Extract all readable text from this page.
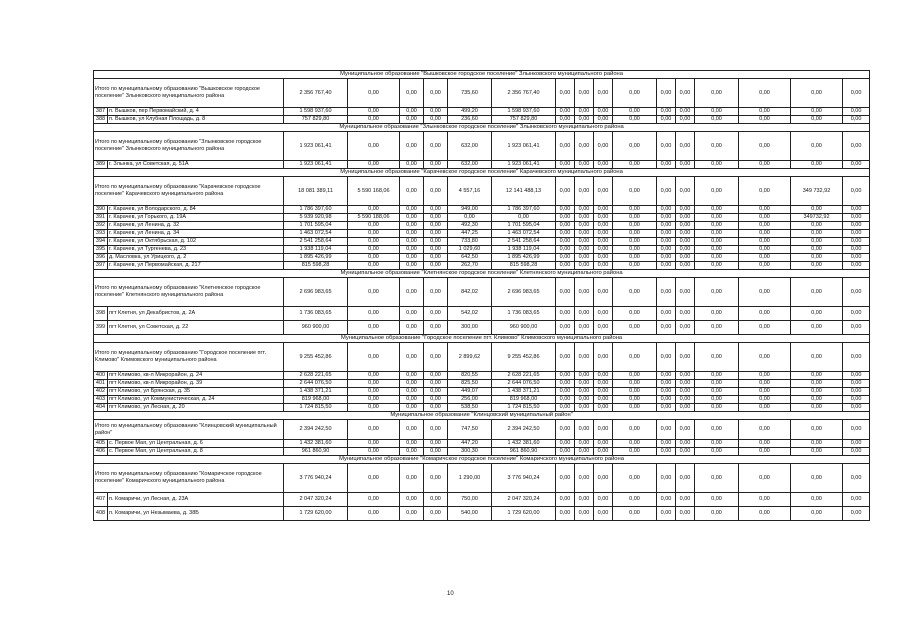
Муниципальное образование "Вышковское городское поселение" Злынковского муниципального района																	
Итого по муниципальному образованию "Вышковское городское поселение" Злынковского муниципального района		2 356 767,40	0,00	0,00	0,00	735,60	2 356 767,40	0,00	0,00	0,00	0,00	0,00	0,00	0,00	0,00	0,00	0,00
387	п. Вышков, пер Первомайский, д. 4	1 598 937,60	0,00	0,00	0,00	499,20	1 598 937,60	0,00	0,00	0,00	0,00	0,00	0,00	0,00	0,00	0,00	0,00
388	п. Вышков, ул Клубная Площадь, д. 8	757 829,80	0,00	0,00	0,00	236,60	757 829,80	0,00	0,00	0,00	0,00	0,00	0,00	0,00	0,00	0,00	0,00
Муниципальное образование "Злынковское городское поселение" Злынковского муниципального района																	
Итого по муниципальному образованию "Злынковское городское поселение" Злынковского муниципального района		1 923 061,41	0,00	0,00	0,00	632,00	1 923 061,41	0,00	0,00	0,00	0,00	0,00	0,00	0,00	0,00	0,00	0,00
389	г. Злынка, ул Советская, д. 51А	1 923 061,41	0,00	0,00	0,00	632,00	1 923 061,41	0,00	0,00	0,00	0,00	0,00	0,00	0,00	0,00	0,00	0,00
Муниципальное образование "Карачевское городское поселение" Карачевского муниципального района																	
Итого по муниципальному образованию "Карачевское городское поселение" Карачевского муниципального района		18 081 389,11	5 590 168,06	0,00	0,00	4 557,16	12 141 488,13	0,00	0,00	0,00	0,00	0,00	0,00	0,00	0,00	349 732,92	0,00
390	г. Карачев, ул Володарского, д. 84	1 786 397,60	0,00	0,00	0,00	949,00	1 786 397,60	0,00	0,00	0,00	0,00	0,00	0,00	0,00	0,00	0,00	0,00
391	г. Карачев, ул Горького, д. 19А	5 939 920,98	5 590 188,06	0,00	0,00	0,00	0,00	0,00	0,00	0,00	0,00	0,00	0,00	0,00	0,00	349732,92	0,00
392	г. Карачев, ул Ленина, д. 32	1 701 595,04	0,00	0,00	0,00	492,30	1 701 595,04	0,00	0,00	0,00	0,00	0,00	0,00	0,00	0,00	0,00	0,00
393	г. Карачев, ул Ленина, д. 34	1 463 072,54	0,00	0,00	0,00	447,25	1 463 072,54	0,00	0,00	0,00	0,00	0,00	0,00	0,00	0,00	0,00	0,00
394	г. Карачев, ул Октябрьская, д. 102	2 541 258,64	0,00	0,00	0,00	733,80	2 541 258,64	0,00	0,00	0,00	0,00	0,00	0,00	0,00	0,00	0,00	0,00
395	г. Карачев, ул Тургенева, д. 23	1 938 119,04	0,00	0,00	0,00	1 029,60	1 938 119,04	0,00	0,00	0,00	0,00	0,00	0,00	0,00	0,00	0,00	0,00
396	д. Масловка, ул Урицкого, д. 2	1 895 426,99	0,00	0,00	0,00	642,50	1 895 426,99	0,00	0,00	0,00	0,00	0,00	0,00	0,00	0,00	0,00	0,00
397	г. Карачев, ул Первомайская, д. 217	815 598,28	0,00	0,00	0,00	262,70	815 598,28	0,00	0,00	0,00	0,00	0,00	0,00	0,00	0,00	0,00	0,00
Муниципальное образование "Клетнянское городское поселение" Клетнянского муниципального района																	
Итого по муниципальному образованию "Клетнянское городское поселение" Клетнянского муниципального района		2 696 983,65	0,00	0,00	0,00	842,02	2 696 983,65	0,00	0,00	0,00	0,00	0,00	0,00	0,00	0,00	0,00	0,00
398	пгт Клетня, ул Декабристов, д. 2А	1 736 083,65	0,00	0,00	0,00	542,02	1 736 083,65	0,00	0,00	0,00	0,00	0,00	0,00	0,00	0,00	0,00	0,00
399	пгт Клетня, ул Советская, д. 22	960 900,00	0,00	0,00	0,00	300,00	960 900,00	0,00	0,00	0,00	0,00	0,00	0,00	0,00	0,00	0,00	0,00
Муниципальное образование "Городское поселение пгт. Климово" Климовского муниципального района																	
Итого по муниципальному образованию "Городское поселение пгт. Климово" Климовского муниципального района		9 255 452,86	0,00	0,00	0,00	2 899,62	9 255 452,86	0,00	0,00	0,00	0,00	0,00	0,00	0,00	0,00	0,00	0,00
400	пгт Климово, кв-л Микрорайон, д. 24	2 628 221,65	0,00	0,00	0,00	820,55	2 628 221,65	0,00	0,00	0,00	0,00	0,00	0,00	0,00	0,00	0,00	0,00
401	пгт Климово, кв-л Микрорайон, д. 39	2 644 076,50	0,00	0,00	0,00	825,50	2 644 076,50	0,00	0,00	0,00	0,00	0,00	0,00	0,00	0,00	0,00	0,00
402	пгт Климово, ул Брянская, д. 35	1 438 371,21	0,00	0,00	0,00	449,07	1 438 371,21	0,00	0,00	0,00	0,00	0,00	0,00	0,00	0,00	0,00	0,00
403	пгт Климово, ул Коммунистическая, д. 24	819 968,00	0,00	0,00	0,00	256,00	819 968,00	0,00	0,00	0,00	0,00	0,00	0,00	0,00	0,00	0,00	0,00
404	пгт Климово, ул Лесная, д. 20	1 724 815,50	0,00	0,00	0,00	538,50	1 724 815,50	0,00	0,00	0,00	0,00	0,00	0,00	0,00	0,00	0,00	0,00
Муниципальное образование "Клинцовский муниципальный район"																	
Итого по муниципальному образованию "Клинцовский муниципальный район"		2 394 242,50	0,00	0,00	0,00	747,50	2 394 242,50	0,00	0,00	0,00	0,00	0,00	0,00	0,00	0,00	0,00	0,00
405	с. Первое Мая, ул Центральная, д. 6	1 432 381,60	0,00	0,00	0,00	447,20	1 432 381,60	0,00	0,00	0,00	0,00	0,00	0,00	0,00	0,00	0,00	0,00
406	с. Первое Мая, ул Центральная, д. 8	961 860,90	0,00	0,00	0,00	300,30	961 860,90	0,00	0,00	0,00	0,00	0,00	0,00	0,00	0,00	0,00	0,00
Муниципальное образование "Комаричское городское поселение" Комаричского муниципального района																	
Итого по муниципальному образованию "Комаричское городское поселение" Комаричского муниципального района		3 776 940,24	0,00	0,00	0,00	1 290,00	3 776 940,24	0,00	0,00	0,00	0,00	0,00	0,00	0,00	0,00	0,00	0,00
407	п. Комаричи, ул Лесная, д. 23А	2 047 320,24	0,00	0,00	0,00	750,00	2 047 320,24	0,00	0,00	0,00	0,00	0,00	0,00	0,00	0,00	0,00	0,00
408	п. Комаричи, ул Незымаева, д. 38Б	1 729 620,00	0,00	0,00	0,00	540,00	1 729 620,00	0,00	0,00	0,00	0,00	0,00	0,00	0,00	0,00	0,00	0,00
10
